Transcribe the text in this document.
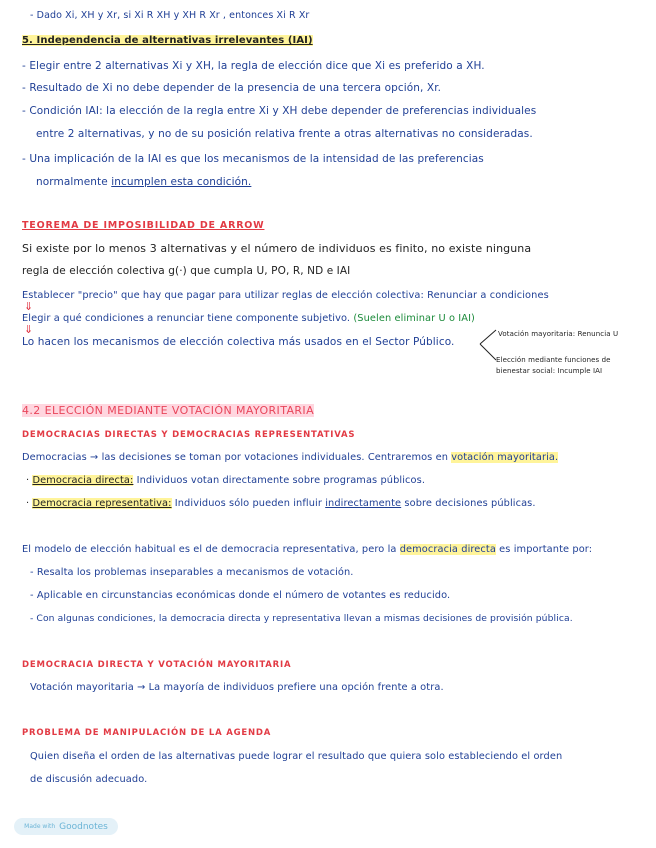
- Dado Xi, XH y Xr, si Xi R XH y XH R Xr , entonces Xi R Xr
5. Independencia de alternativas irrelevantes (IAI)
- Elegir entre 2 alternativas Xi y XH, la regla de elección dice que Xi es preferido a XH.
- Resultado de Xi no debe depender de la presencia de una tercera opción, Xr.
- Condición IAI: la elección de la regla entre Xi y XH debe depender de preferencias individuales
entre 2 alternativas, y no de su posición relativa frente a otras alternativas no consideradas.
- Una implicación de la IAI es que los mecanismos de la intensidad de las preferencias
normalmente incumplen esta condición.
TEOREMA DE IMPOSIBILIDAD DE ARROW
Si existe por lo menos 3 alternativas y el número de individuos es finito, no existe ninguna
regla de elección colectiva g(·) que cumpla U, PO, R, ND e IAI
Establecer "precio" que hay que pagar para utilizar reglas de elección colectiva: Renunciar a condiciones
⇓
Elegir a qué condiciones a renunciar tiene componente subjetivo. (Suelen eliminar U o IAI)
⇓
Lo hacen los mecanismos de elección colectiva más usados en el Sector Público.
Votación mayoritaria: Renuncia U
Elección mediante funciones de
bienestar social: Incumple IAI
4.2 ELECCIÓN MEDIANTE VOTACIÓN MAYORITARIA
DEMOCRACIAS DIRECTAS Y DEMOCRACIAS REPRESENTATIVAS
Democracias → las decisiones se toman por votaciones individuales. Centraremos en votación mayoritaria.
· Democracia directa: Individuos votan directamente sobre programas públicos.
· Democracia representativa: Individuos sólo pueden influir indirectamente sobre decisiones públicas.
El modelo de elección habitual es el de democracia representativa, pero la democracia directa es importante por:
- Resalta los problemas inseparables a mecanismos de votación.
- Aplicable en circunstancias económicas donde el número de votantes es reducido.
- Con algunas condiciones, la democracia directa y representativa llevan a mismas decisiones de provisión pública.
DEMOCRACIA DIRECTA Y VOTACIÓN MAYORITARIA
Votación mayoritaria → La mayoría de individuos prefiere una opción frente a otra.
PROBLEMA DE MANIPULACIÓN DE LA AGENDA
Quien diseña el orden de las alternativas puede lograr el resultado que quiera solo estableciendo el orden
de discusión adecuado.
Made with Goodnotes
